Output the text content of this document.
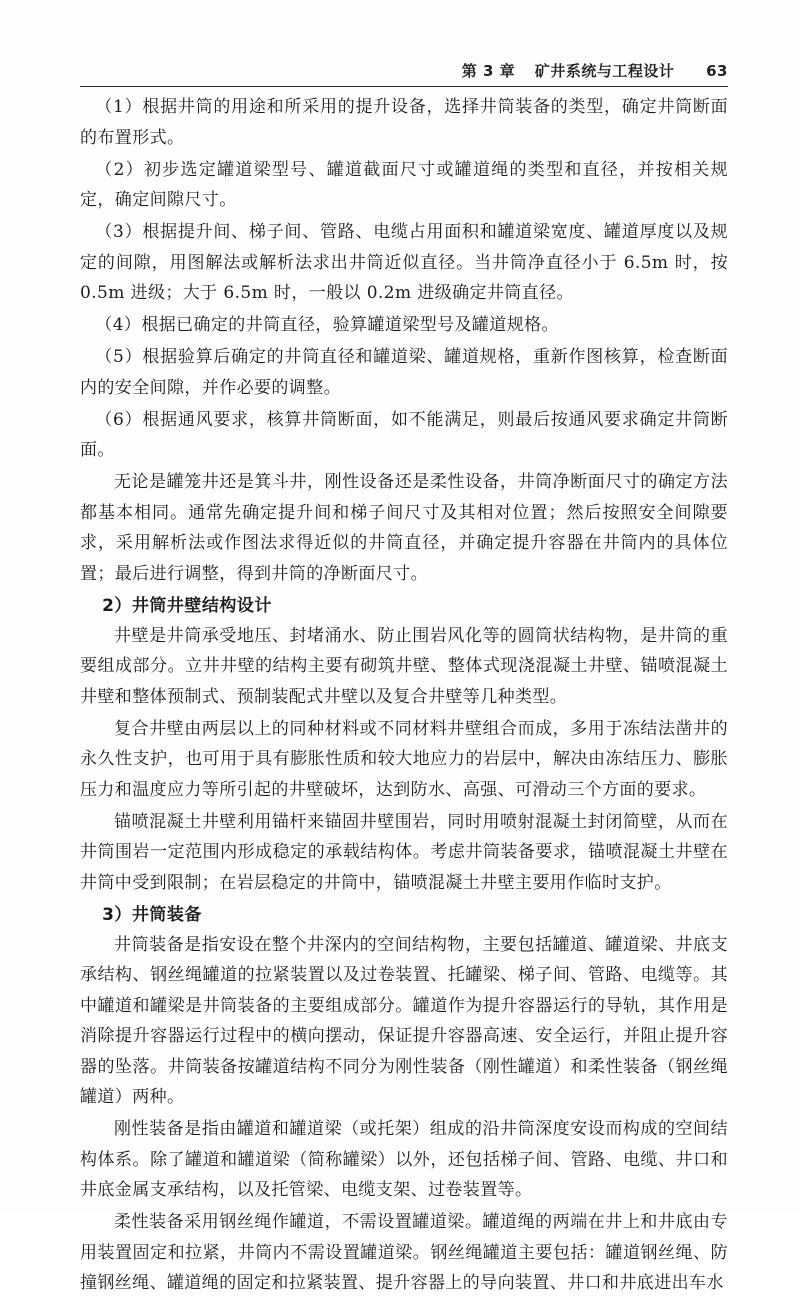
第 3 章 矿井系统与工程设计 63

（1）根据井筒的用途和所采用的提升设备，选择井筒装备的类型，确定井筒断面的布置形式。

（2）初步选定罐道梁型号、罐道截面尺寸或罐道绳的类型和直径，并按相关规定，确定间隙尺寸。

（3）根据提升间、梯子间、管路、电缆占用面积和罐道梁宽度、罐道厚度以及规定的间隙，用图解法或解析法求出井筒近似直径。当井筒净直径小于 6.5m 时，按 0.5m 进级；大于 6.5m 时，一般以 0.2m 进级确定井筒直径。

（4）根据已确定的井筒直径，验算罐道梁型号及罐道规格。

（5）根据验算后确定的井筒直径和罐道梁、罐道规格，重新作图核算，检查断面内的安全间隙，并作必要的调整。

（6）根据通风要求，核算井筒断面，如不能满足，则最后按通风要求确定井筒断面。

无论是罐笼井还是箕斗井，刚性设备还是柔性设备，井筒净断面尺寸的确定方法都基本相同。通常先确定提升间和梯子间尺寸及其相对位置；然后按照安全间隙要求，采用解析法或作图法求得近似的井筒直径，并确定提升容器在井筒内的具体位置；最后进行调整，得到井筒的净断面尺寸。

2）井筒井壁结构设计

井壁是井筒承受地压、封堵涌水、防止围岩风化等的圆筒状结构物，是井筒的重要组成部分。立井井壁的结构主要有砌筑井壁、整体式现浇混凝土井壁、锚喷混凝土井壁和整体预制式、预制装配式井壁以及复合井壁等几种类型。

复合井壁由两层以上的同种材料或不同材料井壁组合而成，多用于冻结法凿井的永久性支护，也可用于具有膨胀性质和较大地应力的岩层中，解决由冻结压力、膨胀压力和温度应力等所引起的井壁破坏，达到防水、高强、可滑动三个方面的要求。

锚喷混凝土井壁利用锚杆来锚固井壁围岩，同时用喷射混凝土封闭简壁，从而在井筒围岩一定范围内形成稳定的承载结构体。考虑井筒装备要求，锚喷混凝土井壁在井筒中受到限制；在岩层稳定的井筒中，锚喷混凝土井壁主要用作临时支护。

3）井筒装备

井筒装备是指安设在整个井深内的空间结构物，主要包括罐道、罐道梁、井底支承结构、钢丝绳罐道的拉紧装置以及过卷装置、托罐梁、梯子间、管路、电缆等。其中罐道和罐梁是井筒装备的主要组成部分。罐道作为提升容器运行的导轨，其作用是消除提升容器运行过程中的横向摆动，保证提升容器高速、安全运行，并阻止提升容器的坠落。井筒装备按罐道结构不同分为刚性装备（刚性罐道）和柔性装备（钢丝绳罐道）两种。

刚性装备是指由罐道和罐道梁（或托架）组成的沿井筒深度安设而构成的空间结构体系。除了罐道和罐道梁（简称罐梁）以外，还包括梯子间、管路、电缆、井口和井底金属支承结构，以及托管梁、电缆支架、过卷装置等。

柔性装备采用钢丝绳作罐道，不需设置罐道梁。罐道绳的两端在井上和井底由专用装置固定和拉紧，井筒内不需设置罐道梁。钢丝绳罐道主要包括：罐道钢丝绳、防撞钢丝绳、罐道绳的固定和拉紧装置、提升容器上的导向装置、井口和井底进出车水
